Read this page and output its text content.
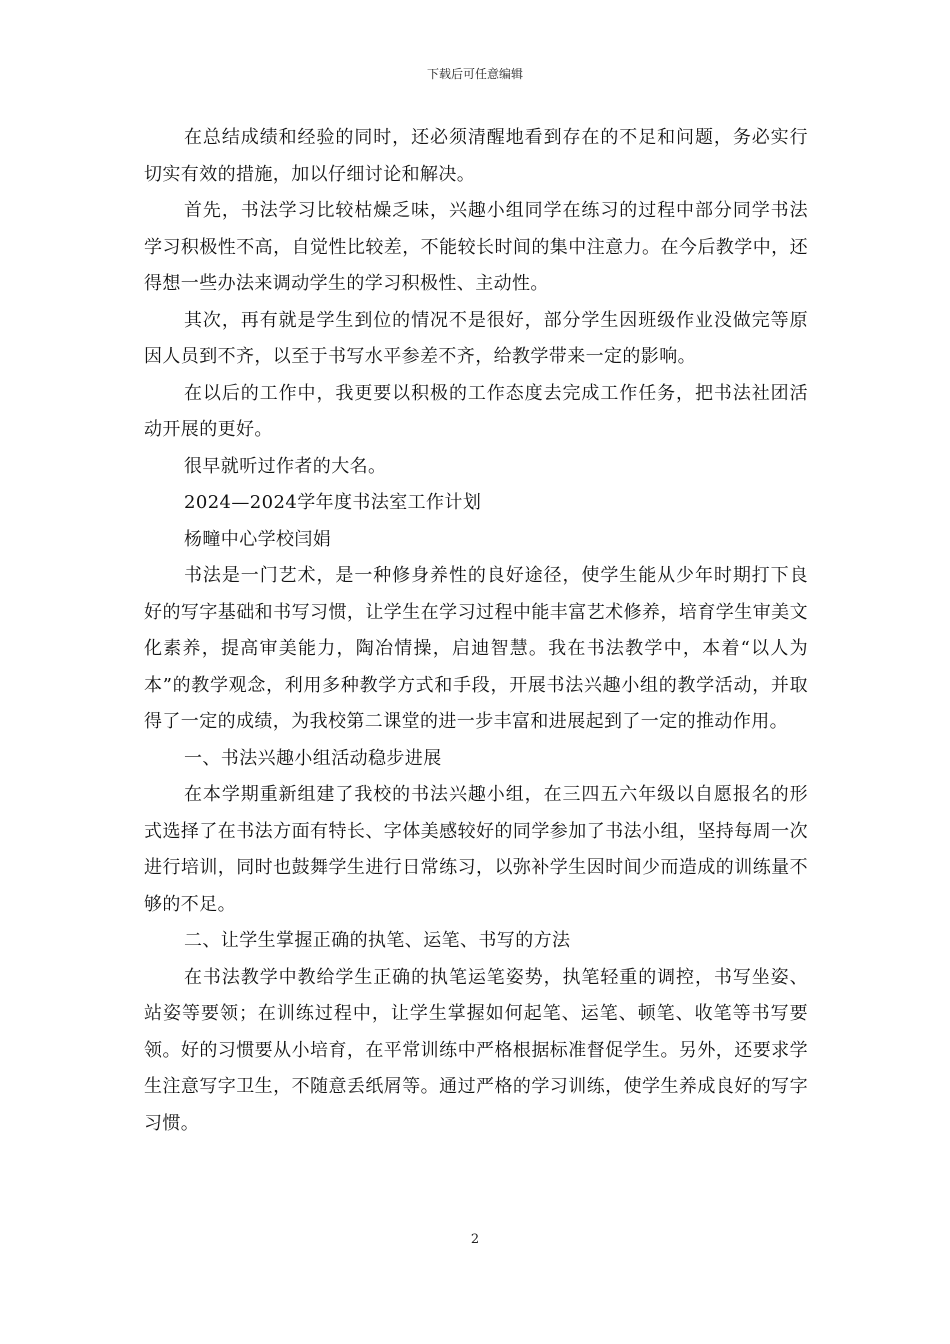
下载后可任意编辑

在总结成绩和经验的同时，还必须清醒地看到存在的不足和问题，务必实行切实有效的措施，加以仔细讨论和解决。

首先，书法学习比较枯燥乏味，兴趣小组同学在练习的过程中部分同学书法学习积极性不高，自觉性比较差，不能较长时间的集中注意力。在今后教学中，还得想一些办法来调动学生的学习积极性、主动性。

其次，再有就是学生到位的情况不是很好，部分学生因班级作业没做完等原因人员到不齐，以至于书写水平参差不齐，给教学带来一定的影响。

在以后的工作中，我更要以积极的工作态度去完成工作任务，把书法社团活动开展的更好。

很早就听过作者的大名。

2024—2024学年度书法室工作计划

杨疃中心学校闫娟

书法是一门艺术，是一种修身养性的良好途径，使学生能从少年时期打下良好的写字基础和书写习惯，让学生在学习过程中能丰富艺术修养，培育学生审美文化素养，提高审美能力，陶冶情操，启迪智慧。我在书法教学中，本着“以人为本”的教学观念，利用多种教学方式和手段，开展书法兴趣小组的教学活动，并取得了一定的成绩，为我校第二课堂的进一步丰富和进展起到了一定的推动作用。

一、书法兴趣小组活动稳步进展

在本学期重新组建了我校的书法兴趣小组，在三四五六年级以自愿报名的形式选择了在书法方面有特长、字体美感较好的同学参加了书法小组，坚持每周一次进行培训，同时也鼓舞学生进行日常练习，以弥补学生因时间少而造成的训练量不够的不足。

二、让学生掌握正确的执笔、运笔、书写的方法

在书法教学中教给学生正确的执笔运笔姿势，执笔轻重的调控，书写坐姿、站姿等要领；在训练过程中，让学生掌握如何起笔、运笔、顿笔、收笔等书写要领。好的习惯要从小培育，在平常训练中严格根据标准督促学生。另外，还要求学生注意写字卫生，不随意丢纸屑等。通过严格的学习训练，使学生养成良好的写字习惯。

2
